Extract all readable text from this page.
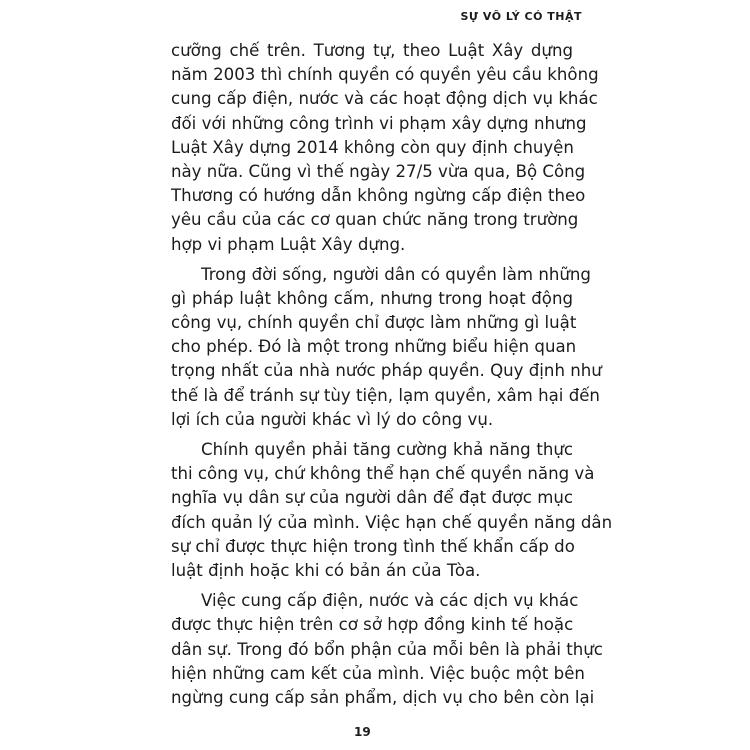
SỰ VÔ LÝ CÓ THẬT
cưỡng chế trên. Tương tự, theo Luật Xây dựng
năm 2003 thì chính quyền có quyền yêu cầu không
cung cấp điện, nước và các hoạt động dịch vụ khác
đối với những công trình vi phạm xây dựng nhưng
Luật Xây dựng 2014 không còn quy định chuyện
này nữa. Cũng vì thế ngày 27/5 vừa qua, Bộ Công
Thương có hướng dẫn không ngừng cấp điện theo
yêu cầu của các cơ quan chức năng trong trường
hợp vi phạm Luật Xây dựng.
Trong đời sống, người dân có quyền làm những
gì pháp luật không cấm, nhưng trong hoạt động
công vụ, chính quyền chỉ được làm những gì luật
cho phép. Đó là một trong những biểu hiện quan
trọng nhất của nhà nước pháp quyền. Quy định như
thế là để tránh sự tùy tiện, lạm quyền, xâm hại đến
lợi ích của người khác vì lý do công vụ.
Chính quyền phải tăng cường khả năng thực
thi công vụ, chứ không thể hạn chế quyền năng và
nghĩa vụ dân sự của người dân để đạt được mục
đích quản lý của mình. Việc hạn chế quyền năng dân
sự chỉ được thực hiện trong tình thế khẩn cấp do
luật định hoặc khi có bản án của Tòa.
Việc cung cấp điện, nước và các dịch vụ khác
được thực hiện trên cơ sở hợp đồng kinh tế hoặc
dân sự. Trong đó bổn phận của mỗi bên là phải thực
hiện những cam kết của mình. Việc buộc một bên
ngừng cung cấp sản phẩm, dịch vụ cho bên còn lại
19
